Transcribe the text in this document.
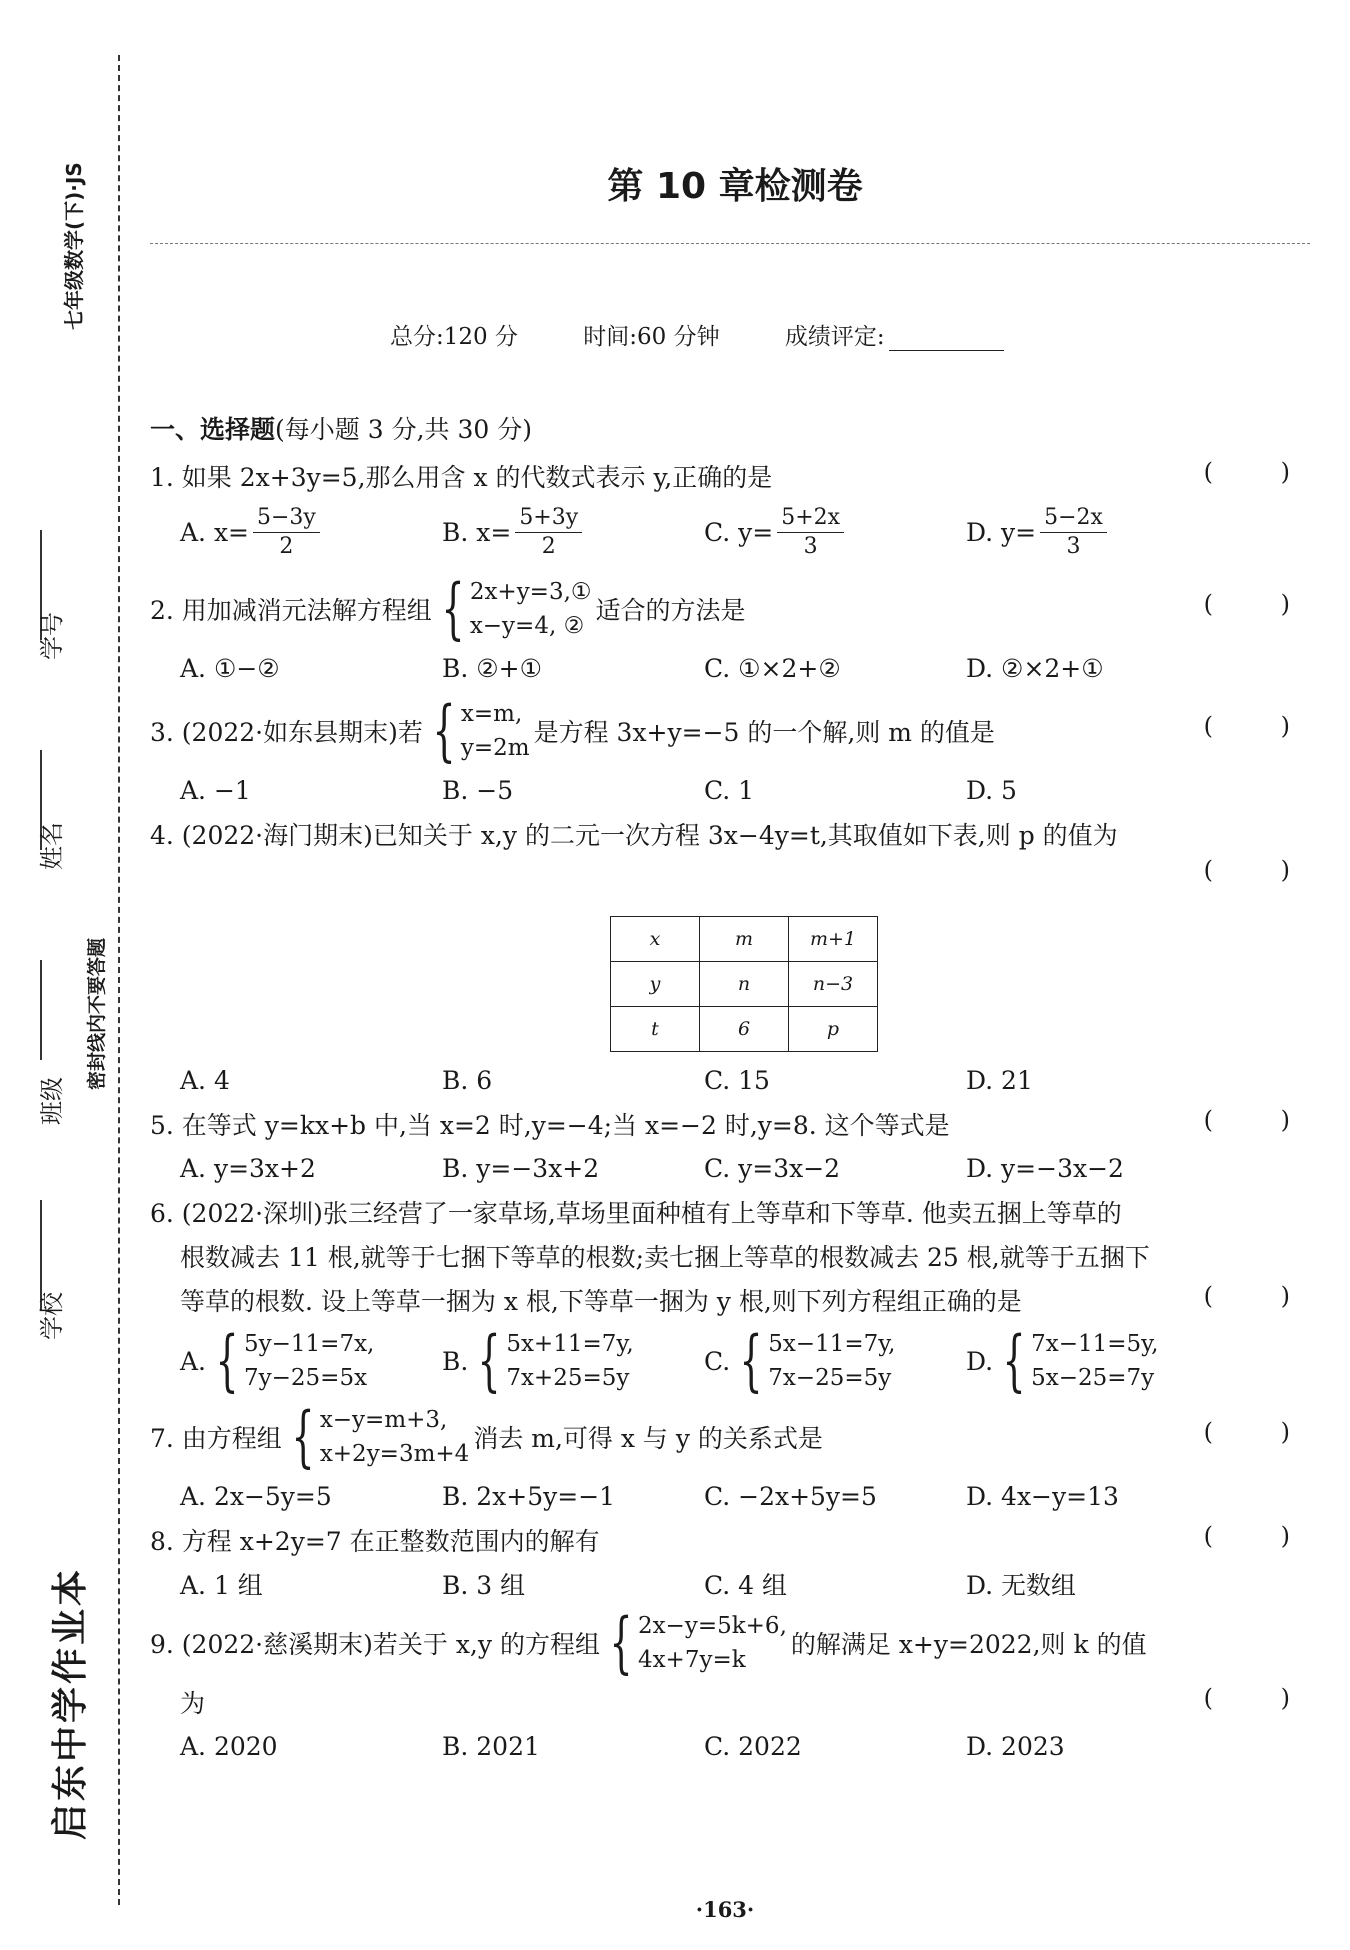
七年级数学(下)·JS
学号
姓名
班级
学校
密封线内不要答题
启东中学作业本
第 10 章检测卷
总分:120 分	时间:60 分钟	成绩评定:
一、选择题(每小题 3 分,共 30 分)
1. 如果 2x+3y=5,那么用含 x 的代数式表示 y,正确的是	( )
A. $x= \frac{5-3y}{2}$	B. $x= \frac{5+3y}{2}$	C. $y= \frac{5+2x}{3}$	D. $y= \frac{5-2x}{3}$
2. 用加减消元法解方程组 { 2x+y=3,①
x−y=4, ②
适合的方法是	( )
A. ①−②	B. ②+①	C. ①×2+②	D. ②×2+①
3. (2022·如东县期末)若 { x=m,
y=2m
是方程 3x+y=−5 的一个解,则 m 的值是	( )
A. −1	B. −5	C. 1	D. 5
4. (2022·海门期末)已知关于 x,y 的二元一次方程 3x−4y=t,其取值如下表,则 p 的值为
( )
x	m	m+1
y	n	n−3
t	6	p
A. 4	B. 6	C. 15	D. 21
5. 在等式 y=kx+b 中,当 x=2 时,y=−4;当 x=−2 时,y=8. 这个等式是	( )
A. y=3x+2	B. y=−3x+2	C. y=3x−2	D. y=−3x−2
6. (2022·深圳)张三经营了一家草场,草场里面种植有上等草和下等草. 他卖五捆上等草的
根数减去 11 根,就等于七捆下等草的根数;卖七捆上等草的根数减去 25 根,就等于五捆下
等草的根数. 设上等草一捆为 x 根,下等草一捆为 y 根,则下列方程组正确的是	( )
A. { 5y−11=7x,
7y−25=5x
B. { 5x+11=7y,
7x+25=5y
C. { 5x−11=7y,
7x−25=5y
D. { 7x−11=5y,
5x−25=7y
7. 由方程组 { x−y=m+3,
x+2y=3m+4
消去 m,可得 x 与 y 的关系式是	( )
A. 2x−5y=5	B. 2x+5y=−1	C. −2x+5y=5	D. 4x−y=13
8. 方程 x+2y=7 在正整数范围内的解有	( )
A. 1 组	B. 3 组	C. 4 组	D. 无数组
9. (2022·慈溪期末)若关于 x,y 的方程组 { 2x−y=5k+6,
4x+7y=k
的解满足 x+y=2022,则 k 的值
为	( )
A. 2020	B. 2021	C. 2022	D. 2023
·163·
